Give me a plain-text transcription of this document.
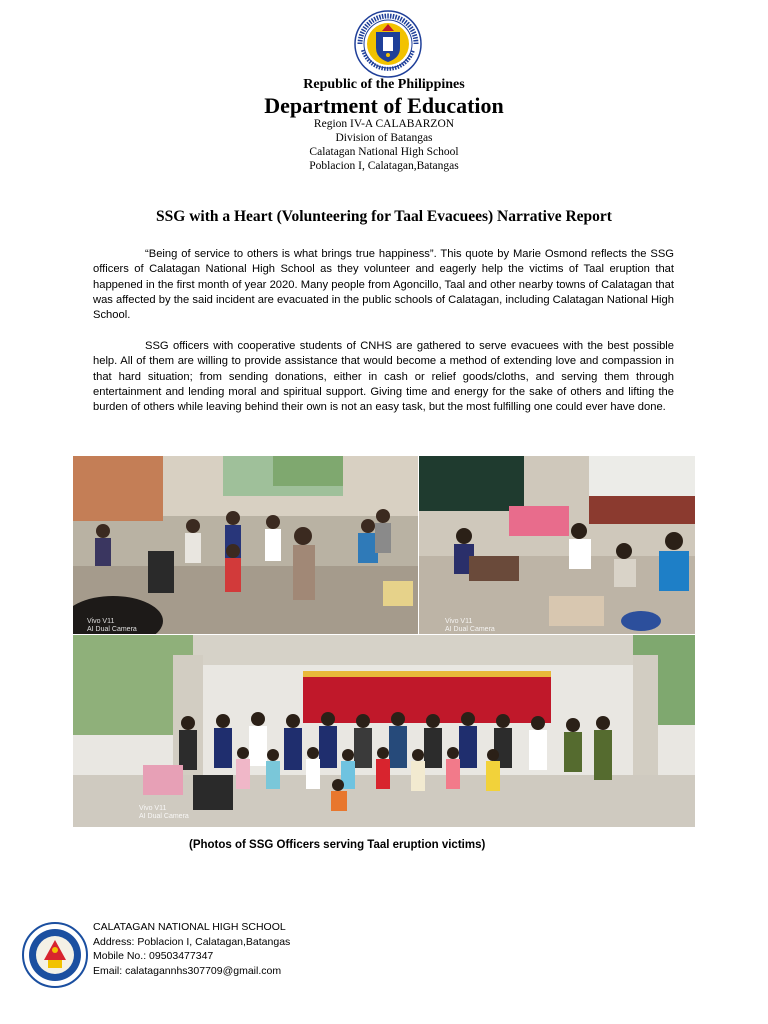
Republic of the Philippines
Department of Education
Region IV-A CALABARZON
Division of Batangas
Calatagan National High School
Poblacion I, Calatagan,Batangas
SSG with a Heart (Volunteering for Taal Evacuees) Narrative Report

“Being of service to others is what brings true happiness”. This quote by Marie Osmond reflects the SSG officers of Calatagan National High School as they volunteer and eagerly help the victims of Taal eruption that happened in the first month of year 2020. Many people from Agoncillo, Taal and other nearby towns of Calatagan that was affected by the said incident are evacuated in the public schools of Calatagan, including Calatagan National High School.

SSG officers with cooperative students of CNHS are gathered to serve evacuees with the best possible help. All of them are willing to provide assistance that would become a method of extending love and compassion in that hard situation; from sending donations, either in cash or relief goods/cloths, and serving them through entertainment and lending moral and spiritual support. Giving time and energy for the sake of others and lifting the burden of others while leaving behind their own is not an easy task, but the most fulfilling one could ever have done.

Vivo V11
AI Dual Camera
Vivo V11
AI Dual Camera
Vivo V11
AI Dual Camera
(Photos of SSG Officers serving Taal eruption victims)
CALATAGAN NATIONAL HIGH SCHOOL
Address: Poblacion I, Calatagan,Batangas
Mobile No.: 09503477347
Email: calatagannhs307709@gmail.com
